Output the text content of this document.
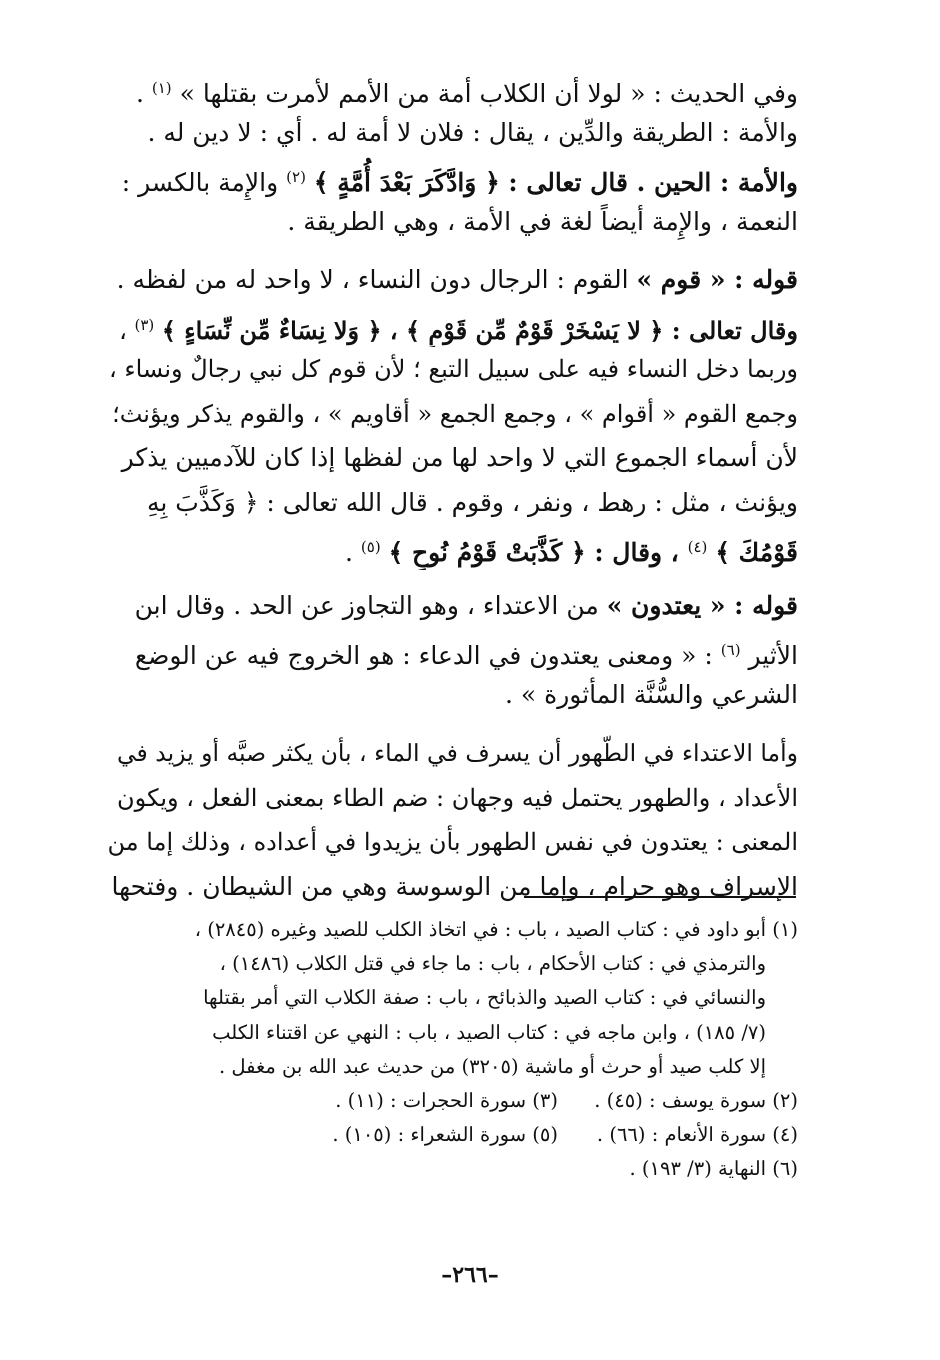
وفي الحديث : « لولا أن الكلاب أمة من الأمم لأمرت بقتلها » $^{(١)}$ .
والأمة : الطريقة والدِّين ، يقال : فلان لا أمة له . أي : لا دين له .
والأمة : الحين . قال تعالى : ﴿ وَادَّكَرَ بَعْدَ أُمَّةٍ ﴾ $^{(٢)}$ والإِمة بالكسر :
النعمة ، والإِمة أيضاً لغة في الأمة ، وهي الطريقة .
قوله : « قوم » القوم : الرجال دون النساء ، لا واحد له من لفظه .
وقال تعالى : ﴿ لا يَسْخَرْ قَوْمٌ مِّن قَوْمٍ ﴾ ، ﴿ وَلا نِسَاءٌ مِّن نِّسَاءٍ ﴾ $^{(٣)}$ ،
وربما دخل النساء فيه على سبيل التبع ؛ لأن قوم كل نبي رجالٌ ونساء ،
وجمع القوم « أقوام » ، وجمع الجمع « أقاويم » ، والقوم يذكر ويؤنث؛
لأن أسماء الجموع التي لا واحد لها من لفظها إذا كان للآدميين يذكر
ويؤنث ، مثل : رهط ، ونفر ، وقوم . قال الله تعالى : ﴿ وَكَذَّبَ بِهِ
قَوْمُكَ ﴾ $^{(٤)}$ ، وقال : ﴿ كَذَّبَتْ قَوْمُ نُوحٍ ﴾ $^{(٥)}$ .
قوله : « يعتدون » من الاعتداء ، وهو التجاوز عن الحد . وقال ابن
الأثير $^{(٦)}$ : « ومعنى يعتدون في الدعاء : هو الخروج فيه عن الوضع
الشرعي والسُّنَّة المأثورة » .
وأما الاعتداء في الطّهور أن يسرف في الماء ، بأن يكثر صبَّه أو يزيد في
الأعداد ، والطهور يحتمل فيه وجهان : ضم الطاء بمعنى الفعل ، ويكون
المعنى : يعتدون في نفس الطهور بأن يزيدوا في أعداده ، وذلك إما من
الإسراف وهو حرام ، وإما من الوسوسة وهي من الشيطان . وفتحها
(١) أبو داود في : كتاب الصيد ، باب : في اتخاذ الكلب للصيد وغيره (٢٨٤٥) ،
والترمذي في : كتاب الأحكام ، باب : ما جاء في قتل الكلاب (١٤٨٦) ،
والنسائي في : كتاب الصيد والذبائح ، باب : صفة الكلاب التي أمر بقتلها
(٧/ ١٨٥) ، وابن ماجه في : كتاب الصيد ، باب : النهي عن اقتناء الكلب
إلا كلب صيد أو حرث أو ماشية (٣٢٠٥) من حديث عبد الله بن مغفل .
(٢) سورة يوسف : (٤٥) .
(٣) سورة الحجرات : (١١) .
(٤) سورة الأنعام : (٦٦) .
(٥) سورة الشعراء : (١٠٥) .
(٦) النهاية (٣/ ١٩٣) .
–٢٦٦–
